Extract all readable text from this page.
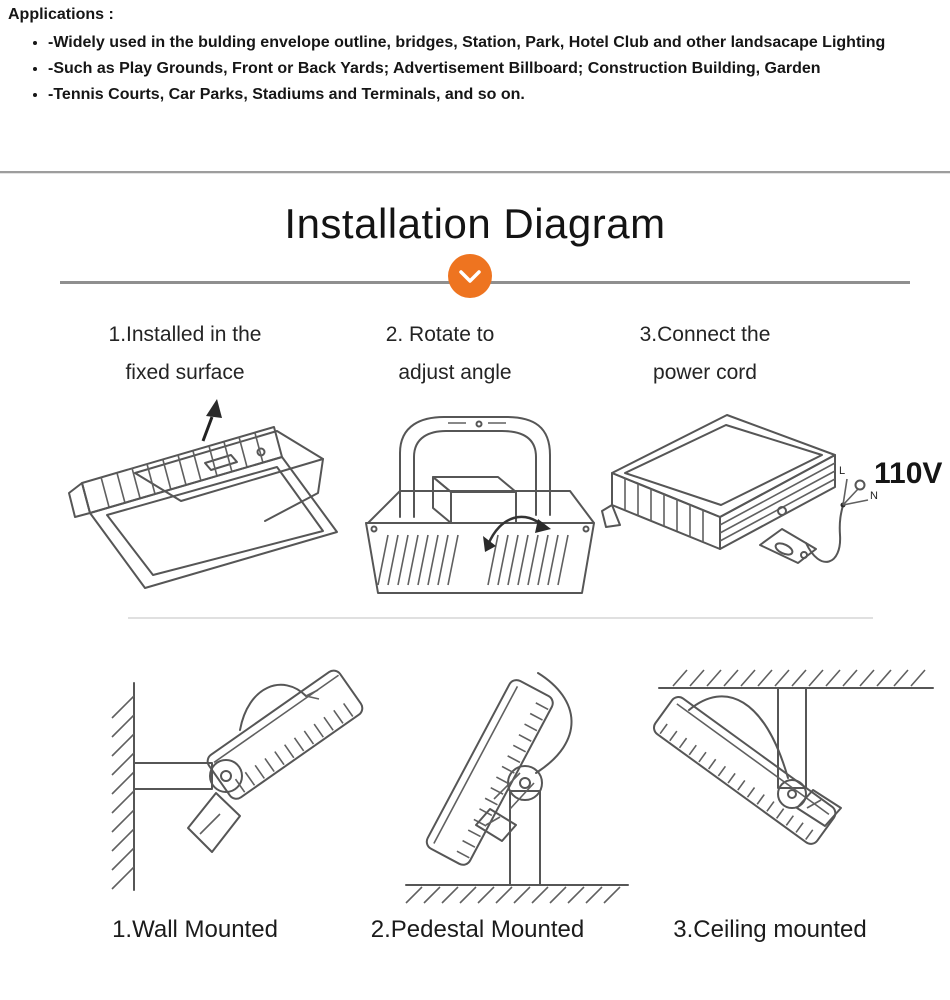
Applications :
• -Widely used in the bulding envelope outline, bridges, Station, Park, Hotel Club and other landsacape Lighting
• -Such as Play Grounds, Front or Back Yards; Advertisement Billboard; Construction Building, Garden
• -Tennis Courts, Car Parks, Stadiums and Terminals, and so on.
Installation Diagram
1.Installed in the
fixed surface
2. Rotate to
adjust angle
3.Connect the
power cord
L
N
110V
1.Wall Mounted	2.Pedestal Mounted	3.Ceiling mounted
